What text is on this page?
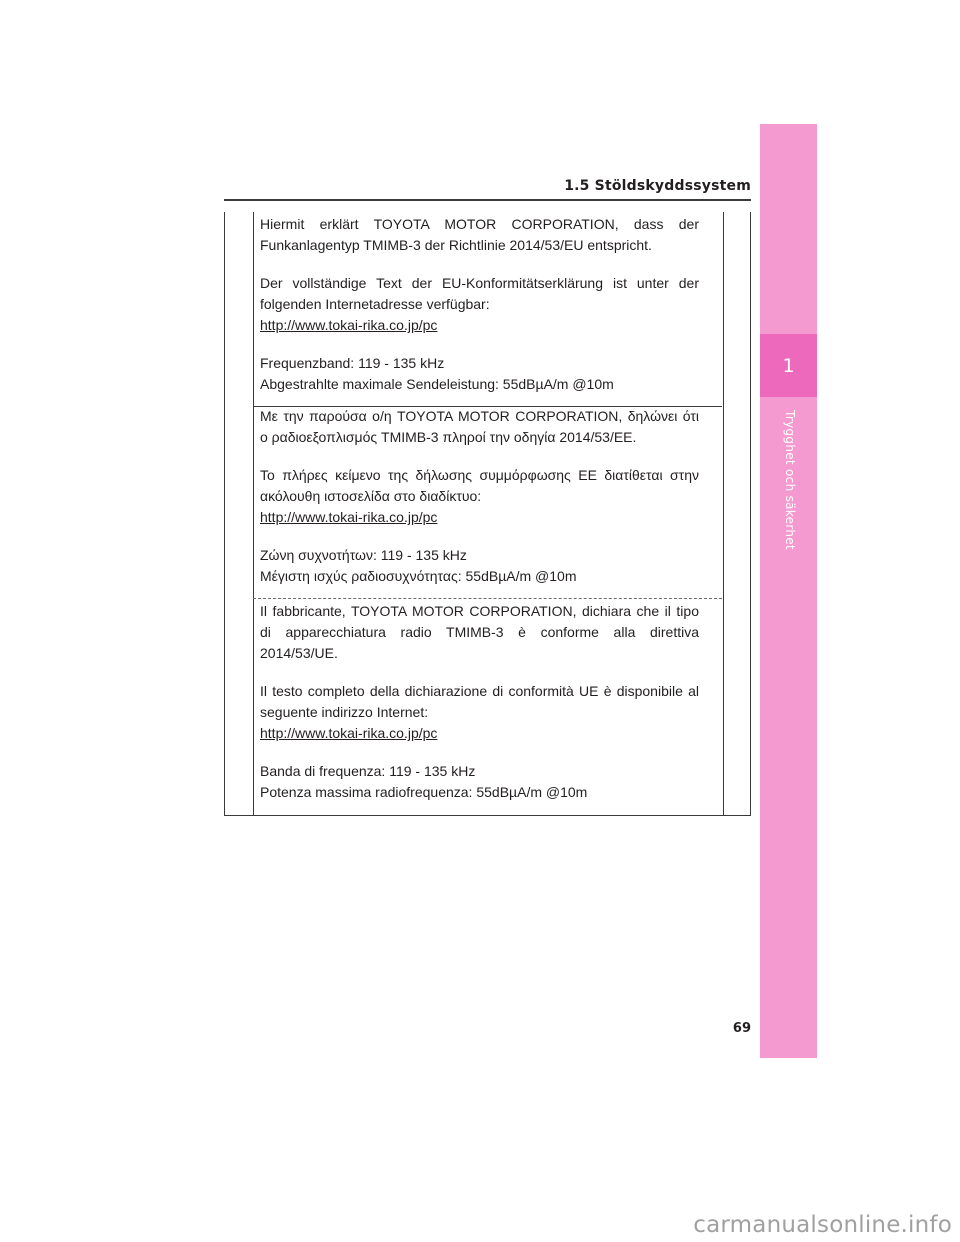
1
Trygghet och säkerhet
1.5 Stöldskyddssystem

Hiermit erklärt TOYOTA MOTOR CORPORATION, dass der

Funkanlagentyp TMIMB-3 der Richtlinie 2014/53/EU entspricht.

Der vollständige Text der EU-Konformitätserklärung ist unter der

folgenden Internetadresse verfügbar:

http://www.tokai-rika.co.jp/pc

Frequenzband: 119 - 135 kHz

Abgestrahlte maximale Sendeleistung: 55dBµA/m @10m

Με την παρούσα ο/η TOYOTA MOTOR CORPORATION, δηλώνει ότι

ο ραδιοεξοπλισμός TMIMB-3 πληροί την οδηγία 2014/53/ΕΕ.

Το πλήρες κείμενο της δήλωσης συμμόρφωσης ΕΕ διατίθεται στην

ακόλουθη ιστοσελίδα στο διαδίκτυο:

http://www.tokai-rika.co.jp/pc

Ζώνη συχνοτήτων: 119 - 135 kHz

Μέγιστη ισχύς ραδιοσυχνότητας: 55dBµA/m @10m

Il fabbricante, TOYOTA MOTOR CORPORATION, dichiara che il tipo

di apparecchiatura radio TMIMB-3 è conforme alla direttiva

2014/53/UE.

Il testo completo della dichiarazione di conformità UE è disponibile al

seguente indirizzo Internet:

http://www.tokai-rika.co.jp/pc

Banda di frequenza: 119 - 135 kHz

Potenza massima radiofrequenza: 55dBµA/m @10m

69
carmanualsonline.info
